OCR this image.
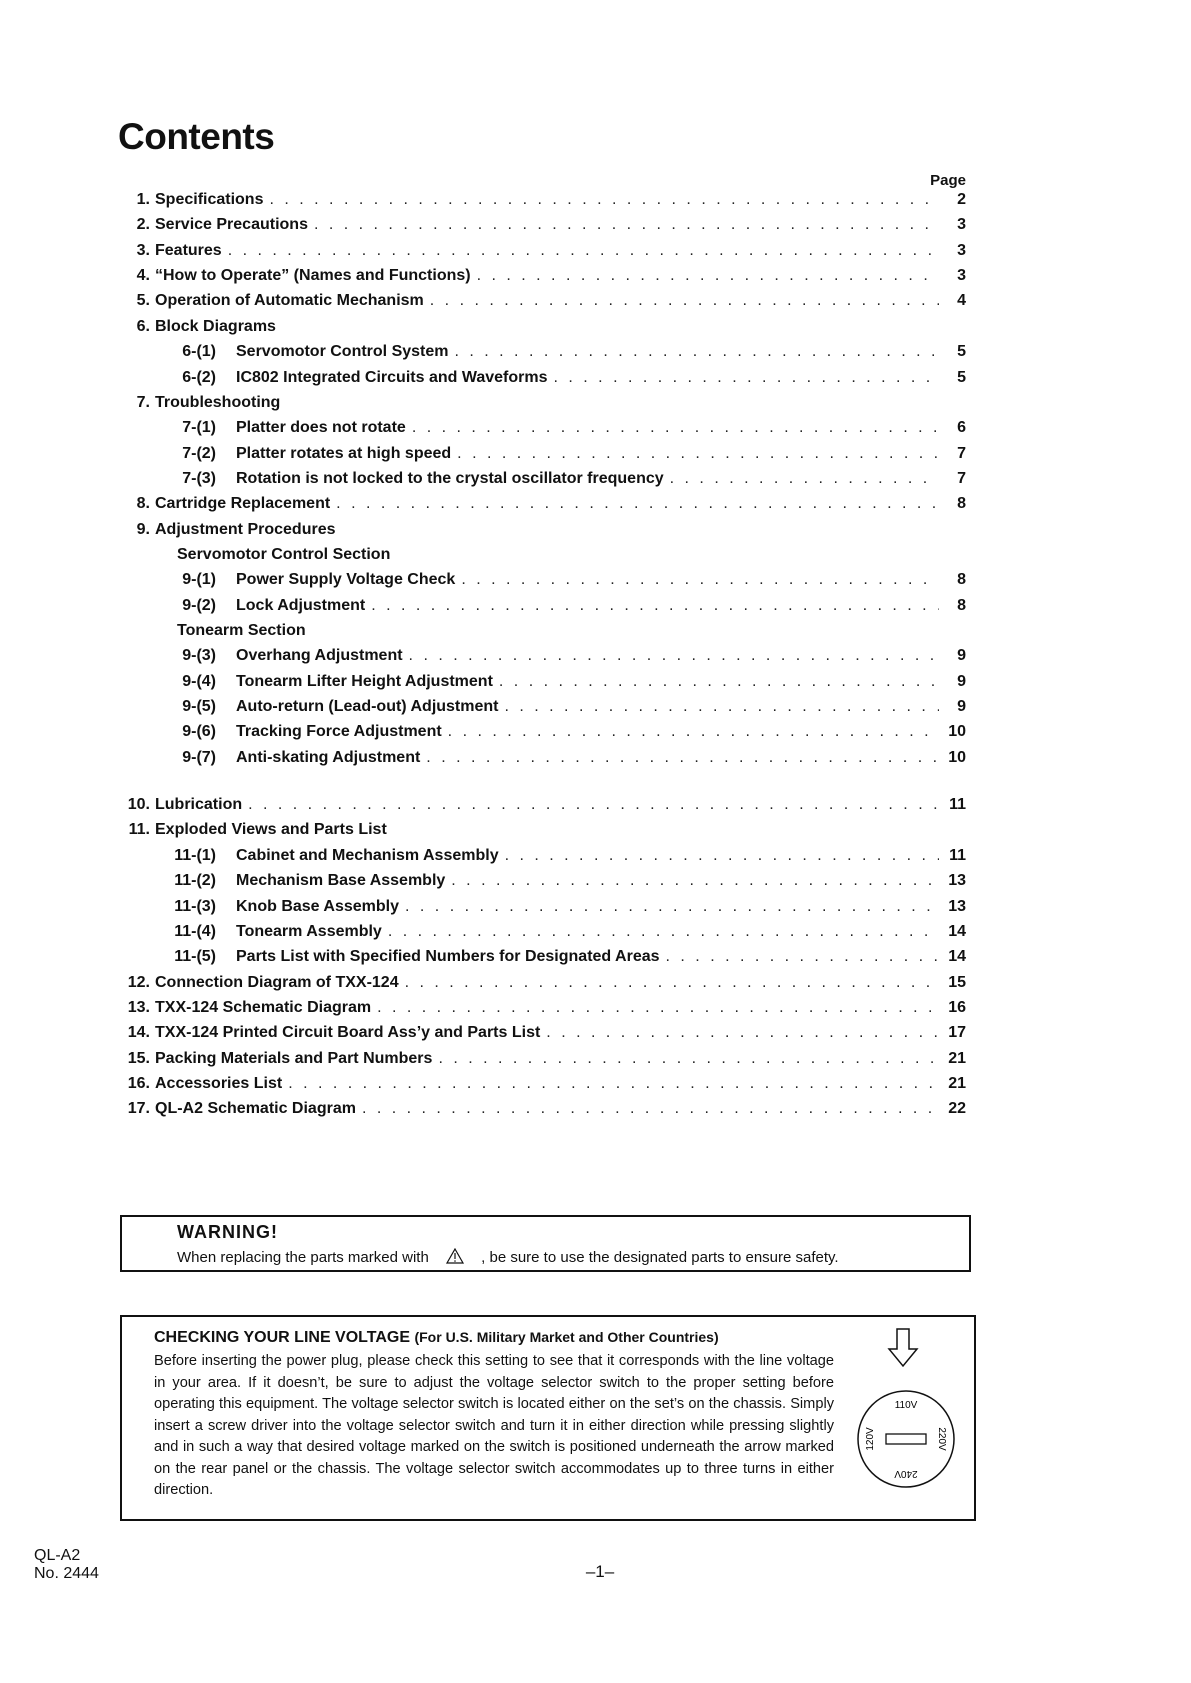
Contents
Page
1. Specifications . . .	2
2. Service Precautions . . .	3
3. Features . . .	3
4. “How to Operate” (Names and Functions) . . .	3
5. Operation of Automatic Mechanism . . .	4
6. Block Diagrams
6-(1) Servomotor Control System . . .	5
6-(2) IC802 Integrated Circuits and Waveforms . . .	5
7. Troubleshooting
7-(1) Platter does not rotate . . .	6
7-(2) Platter rotates at high speed . . .	7
7-(3) Rotation is not locked to the crystal oscillator frequency . . .	7
8. Cartridge Replacement . . .	8
9. Adjustment Procedures
Servomotor Control Section
9-(1) Power Supply Voltage Check . . .	8
9-(2) Lock Adjustment . . .	8
Tonearm Section
9-(3) Overhang Adjustment . . .	9
9-(4) Tonearm Lifter Height Adjustment . . .	9
9-(5) Auto-return (Lead-out) Adjustment . . .	9
9-(6) Tracking Force Adjustment . . .	10
9-(7) Anti-skating Adjustment . . .	10
10. Lubrication . . .	11
11. Exploded Views and Parts List
11-(1) Cabinet and Mechanism Assembly . . .	11
11-(2) Mechanism Base Assembly . . .	13
11-(3) Knob Base Assembly . . .	13
11-(4) Tonearm Assembly . . .	14
11-(5) Parts List with Specified Numbers for Designated Areas . . .	14
12. Connection Diagram of TXX-124 . . .	15
13. TXX-124 Schematic Diagram . . .	16
14. TXX-124 Printed Circuit Board Ass’y and Parts List . . .	17
15. Packing Materials and Part Numbers . . .	21
16. Accessories List . . .	21
17. QL-A2 Schematic Diagram . . .	22
WARNING!
When replacing the parts marked with	, be sure to use the designated parts to ensure safety.
CHECKING YOUR LINE VOLTAGE (For U.S. Military Market and Other Countries)
Before inserting the power plug, please check this setting to see that it corresponds with the line voltage in your area. If it doesn’t, be sure to adjust the voltage selector switch to the proper setting before operating this equipment. The voltage selector switch is located either on the set’s on the chassis. Simply insert a screw driver into the voltage selector switch and turn it in either direction while pressing slightly and in such a way that desired voltage marked on the switch is positioned underneath the arrow marked on the rear panel or the chassis. The voltage selector switch accommodates up to three turns in either direction.
110V
120V	220V
240V
QL-A2
No. 2444	–1–
